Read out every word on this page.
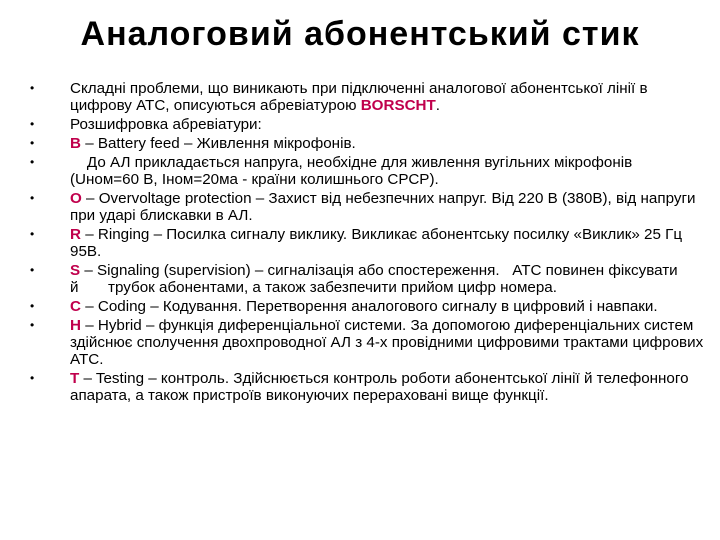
Аналоговий абонентський стик
• Складні проблеми, що виникають при підключенні аналогової абонентської лінії в цифрову АТС, описуються абревіатурою BORSCHT.
• Розшифровка абревіатури:
• B – Battery feed – Живлення мікрофонів.
• До АЛ прикладається напруга, необхідне для живлення вугільних мікрофонів (Uном=60 В, Iном=20ма - країни колишнього СРСР).
• O – Overvoltage protection – Захист від небезпечних напруг. Від 220 В (380В), від напруги при ударі блискавки в АЛ.
• R – Ringing – Посилка сигналу виклику. Викликає абонентську посилку «Виклик» 25 Гц 95В.
• S – Signaling (supervision) – сигналізація або спостереження.   АТС повинен фіксувати       й       трубок абонентами, а також забезпечити прийом цифр номера.
• C – Coding – Кодування. Перетворення аналогового сигналу в цифровий і навпаки.
• H – Hybrid – функція диференціальної системи. За допомогою диференціальних систем здійснює сполучення двохпроводної АЛ з 4-х провідними цифровими трактами цифрових АТС.
• T – Testing – контроль. Здійснюється контроль роботи абонентської лінії й телефонного апарата, а також пристроїв виконуючих перераховані вище функції.
